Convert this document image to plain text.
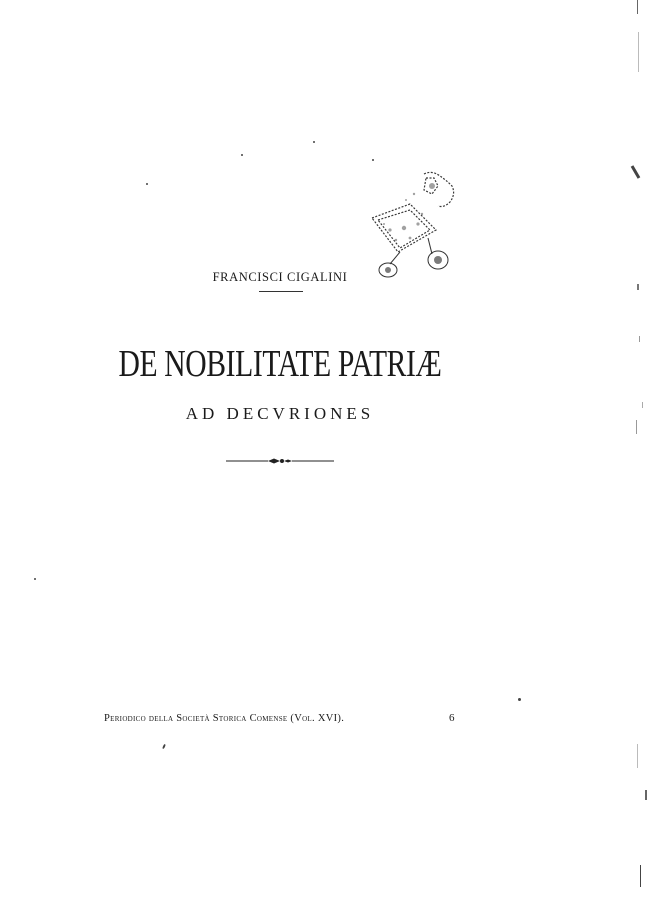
FRANCISCI CIGALINI
DE NOBILITATE PATRIÆ
AD DECVRIONES
Periodico della Società Storica Comense (Vol. XVI).	6
